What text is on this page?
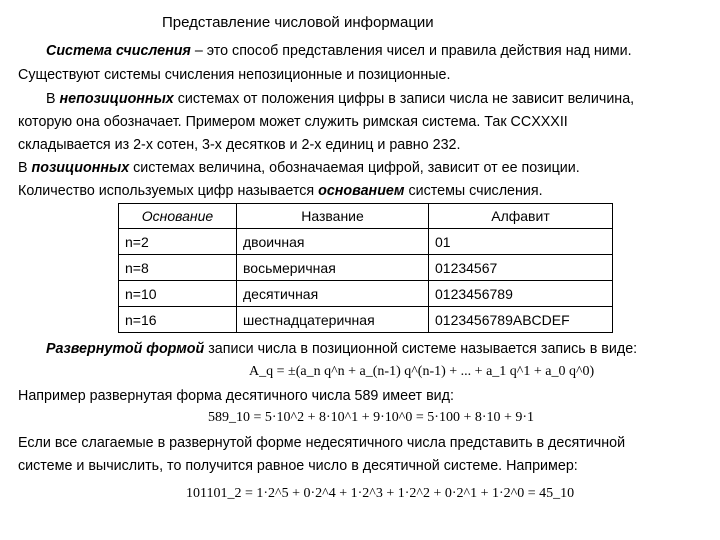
Представление числовой информации
Система счисления – это способ представления чисел и правила действия над ними.
Существуют системы счисления непозиционные и позиционные.
В непозиционных системах от положения цифры в записи числа не зависит величина,
которую она обозначает. Примером может служить римская система. Так CCXXXII
складывается из 2-х сотен, 3-х десятков и 2-х единиц и равно 232.
В позиционных системах величина, обозначаемая цифрой, зависит от ее позиции.
Количество используемых цифр называется основанием системы счисления.
Основание	Название	Алфавит
n=2	двоичная	01
n=8	восьмеричная	01234567
n=10	десятичная	0123456789
n=16	шестнадцатеричная	0123456789ABCDEF
Развернутой формой записи числа в позиционной системе называется запись в виде:
A_q = ±(a_n q^n + a_(n-1) q^(n-1) + ... + a_1 q^1 + a_0 q^0)
Например развернутая форма десятичного числа 589 имеет вид:
589_10 = 5·10^2 + 8·10^1 + 9·10^0 = 5·100 + 8·10 + 9·1
Если все слагаемые в развернутой форме недесятичного числа представить в десятичной
системе и вычислить, то получится равное число в десятичной системе. Например:
101101_2 = 1·2^5 + 0·2^4 + 1·2^3 + 1·2^2 + 0·2^1 + 1·2^0 = 45_10
